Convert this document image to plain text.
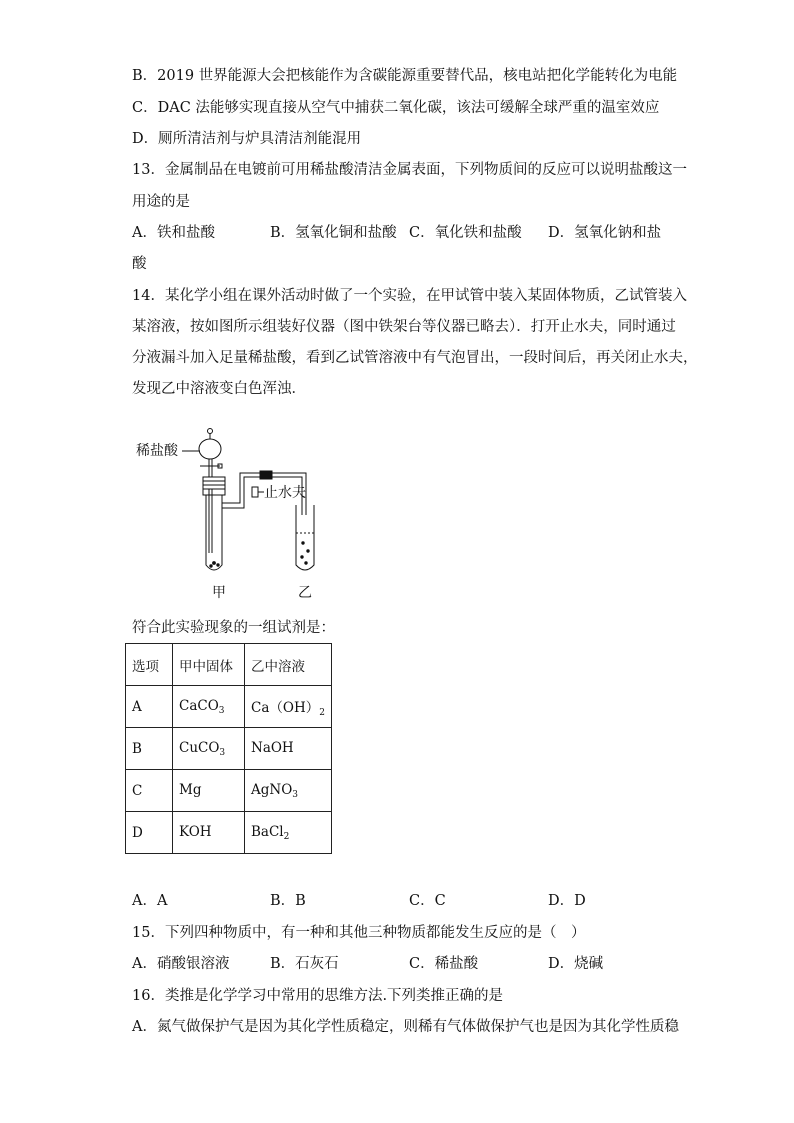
B．2019 世界能源大会把核能作为含碳能源重要替代品，核电站把化学能转化为电能
C．DAC 法能够实现直接从空气中捕获二氧化碳，该法可缓解全球严重的温室效应
D．厕所清洁剂与炉具清洁剂能混用
13．金属制品在电镀前可用稀盐酸清洁金属表面，下列物质间的反应可以说明盐酸这一
用途的是
A．铁和盐酸	B．氢氧化铜和盐酸 C．氧化铁和盐酸 D．氢氧化钠和盐
酸
14．某化学小组在课外活动时做了一个实验，在甲试管中装入某固体物质，乙试管装入
某溶液，按如图所示组装好仪器（图中铁架台等仪器已略去）．打开止水夫，同时通过
分液漏斗加入足量稀盐酸，看到乙试管溶液中有气泡冒出，一段时间后，再关闭止水夫，
发现乙中溶液变白色浑浊．
稀盐酸
止水夫
甲	乙
符合此实验现象的一组试剂是：
选项	甲中固体	乙中溶液
A	CaCO$_3$	$Ca(OH)_2$
B	CuCO$_3$	NaOH
C	Mg	AgNO$_3$
D	KOH	BaCl$_2$
A．A	B．B	C．C	D．D
15．下列四种物质中，有一种和其他三种物质都能发生反应的是（　）
A．硝酸银溶液	B．石灰石	C．稀盐酸	D．烧碱
16．类推是化学学习中常用的思维方法.下列类推正确的是
A．氮气做保护气是因为其化学性质稳定，则稀有气体做保护气也是因为其化学性质稳
